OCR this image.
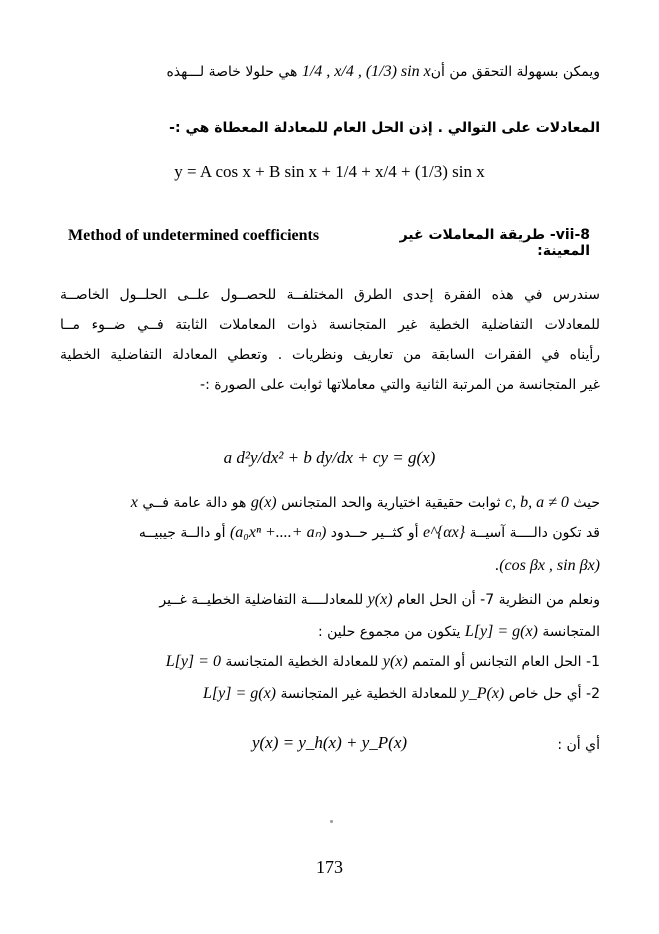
ويمكن بسهولة التحقق من أن 1/4 , x/4 , (1/3) sin x هي حلولا خاصة لـــهذه
المعادلات على التوالي . إذن الحل العام للمعادلة المعطاة هي :-
y = A cos x + B sin x + 1/4 + x/4 + (1/3) sin x
Method of undetermined coefficients	8-vii- طريقة المعاملات غير المعينة:
سندرس في هذه الفقرة إحدى الطرق المختلفــة للحصــول علــى الحلــول الخاصــة
للمعادلات التفاضلية الخطية غير المتجانسة ذوات المعاملات الثابتة فــي ضــوء مــا
رأيناه في الفقرات السابقة من تعاريف ونظريات . وتعطي المعادلة التفاضلية الخطية
غير المتجانسة من المرتبة الثانية والتي معاملاتها ثوابت على الصورة :-
a d²y/dx² + b dy/dx + cy = g(x)
حيث c, b, a ≠ 0 ثوابت حقيقية اختيارية والحد المتجانس g(x) هو دالة عامة فــي x
قد تكون دالــــة آسيــة e^{αx} أو كثــير حــدود (a₀xⁿ +....+ aₙ) أو دالــة جيبيــه
.(cos βx , sin βx)
ونعلم من النظرية 7- أن الحل العام y(x) للمعادلــــة التفاضلية الخطيــة غــير
المتجانسة L[y] = g(x) يتكون من مجموع حلين :
1- الحل العام التجانس أو المتمم y(x) للمعادلة الخطية المتجانسة L[y] = 0
2- أي حل خاص y_P(x) للمعادلة الخطية غير المتجانسة L[y] = g(x)
أي أن :
y(x) = y_h(x) + y_P(x)
173
